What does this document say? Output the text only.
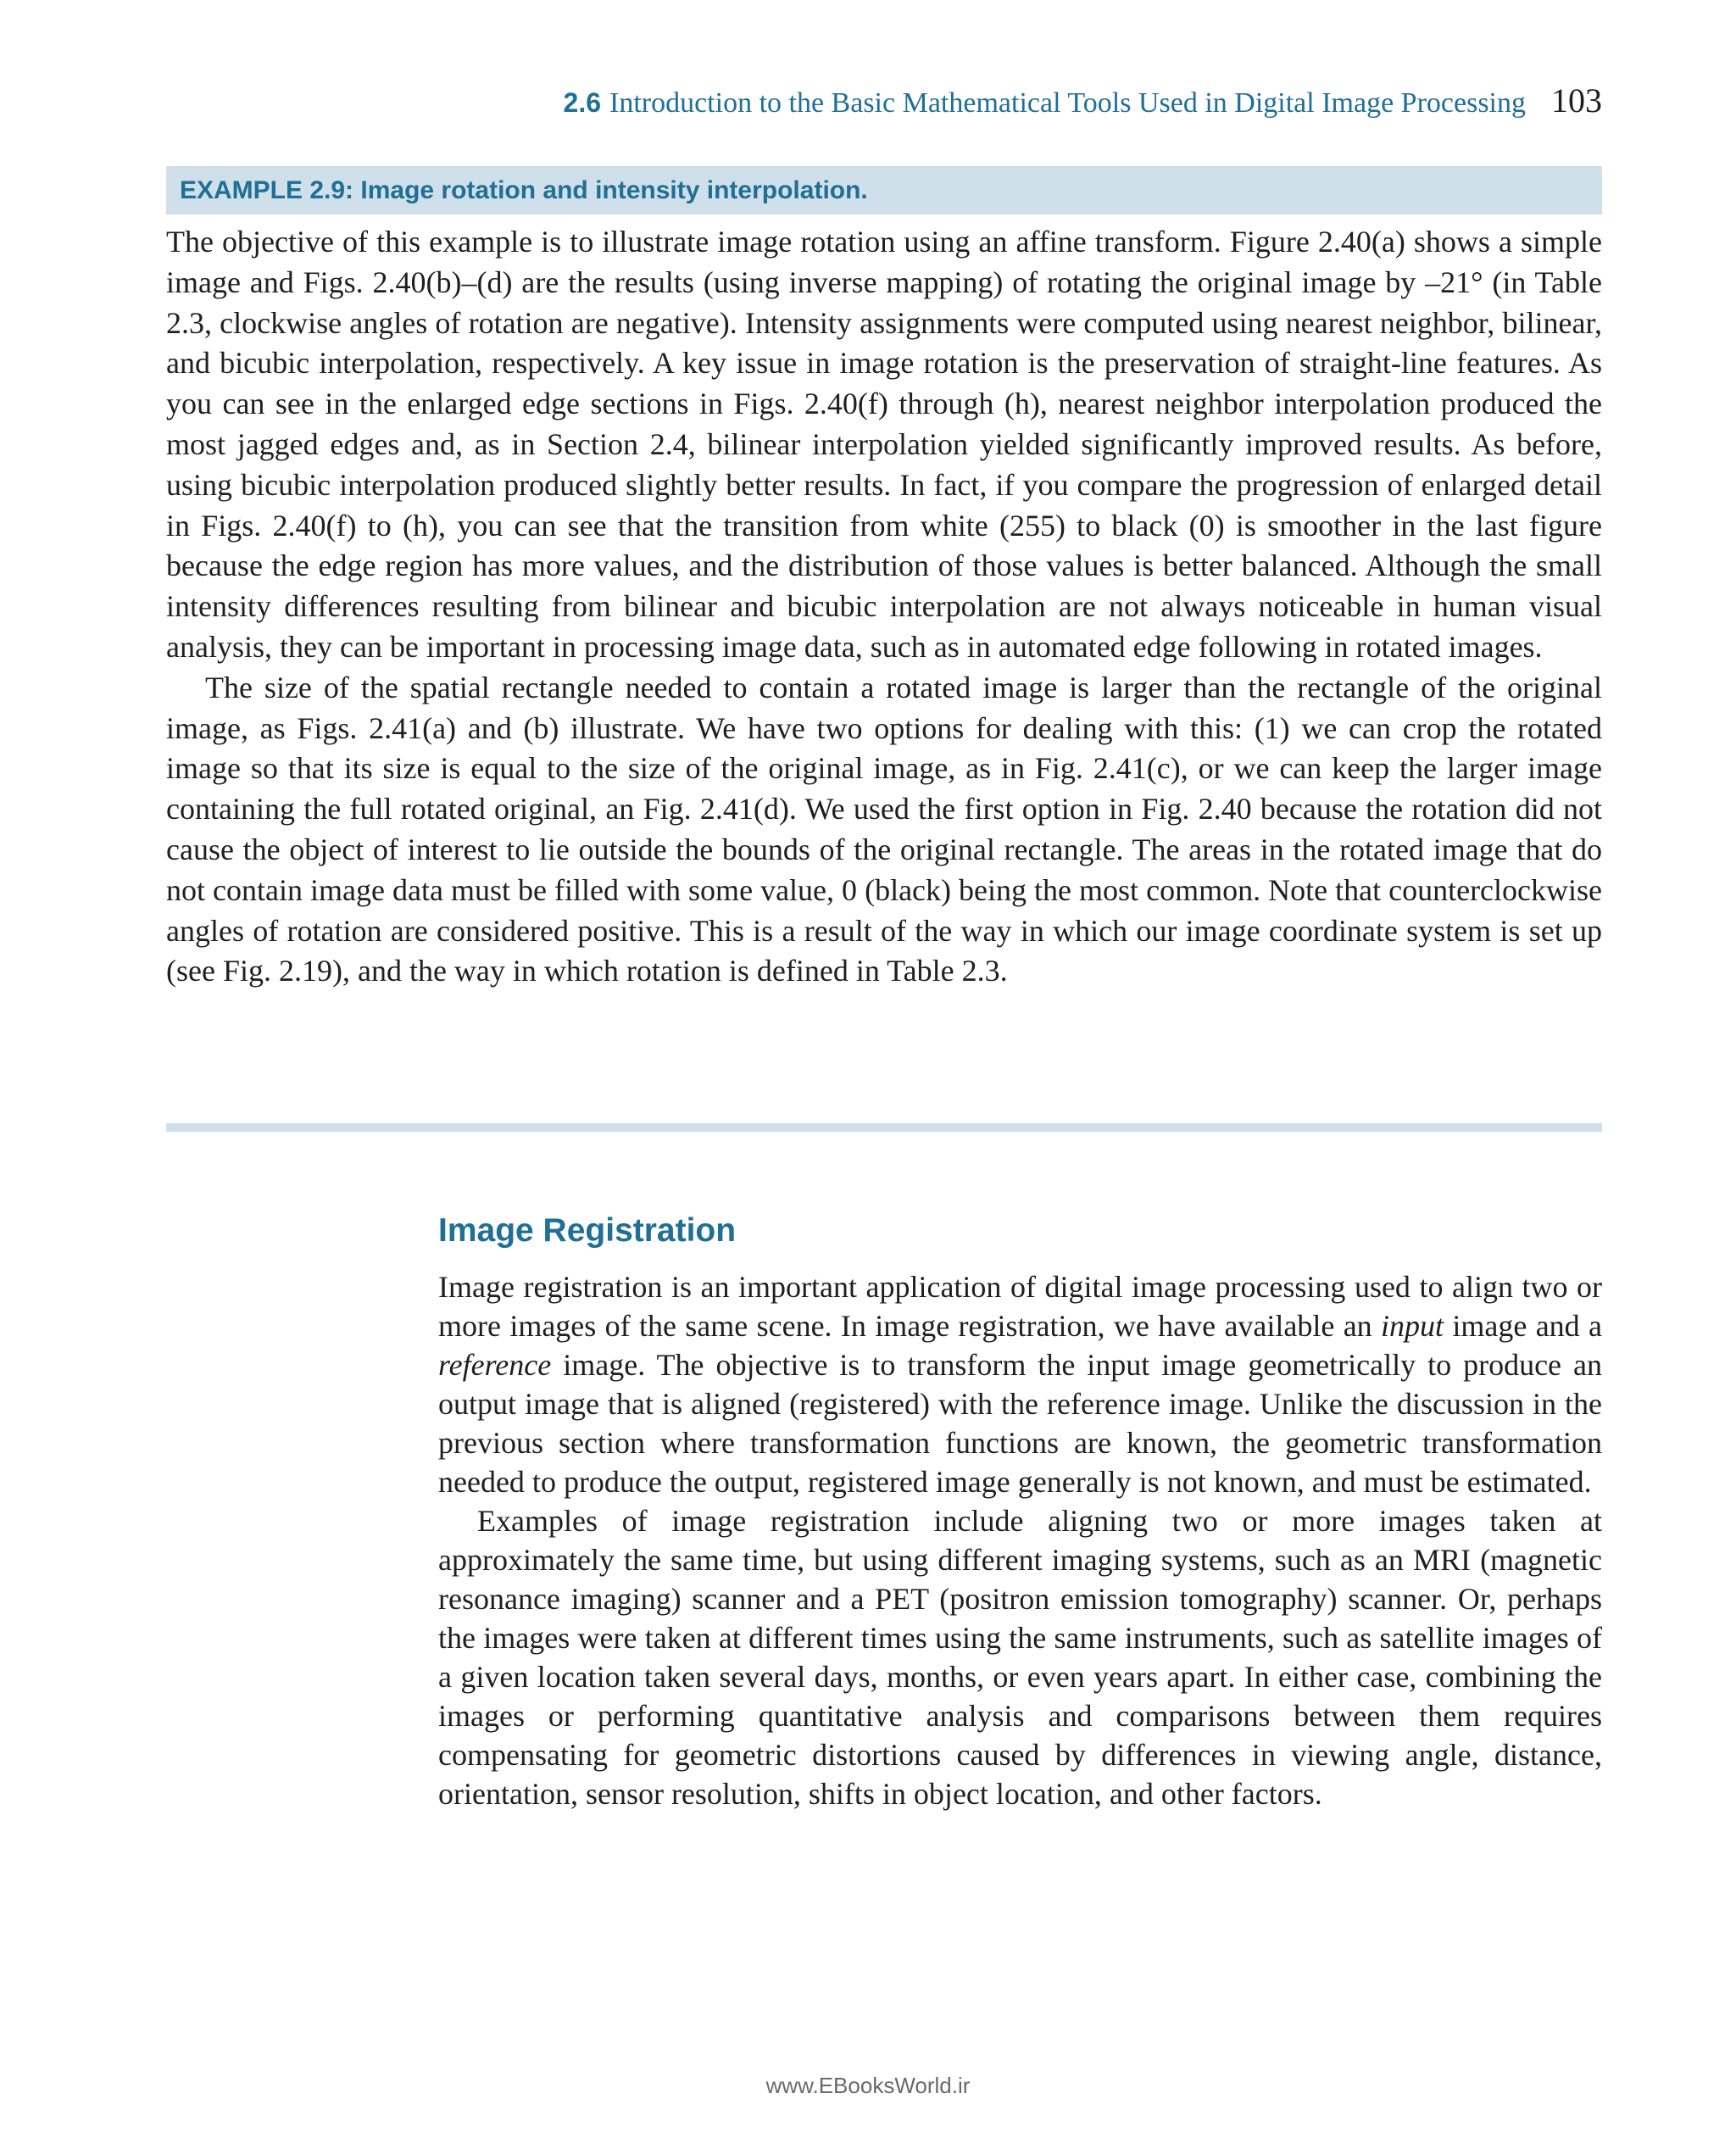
2.6 Introduction to the Basic Mathematical Tools Used in Digital Image Processing 103
EXAMPLE 2.9: Image rotation and intensity interpolation.

The objective of this example is to illustrate image rotation using an affine transform. Figure 2.40(a) shows a simple image and Figs. 2.40(b)–(d) are the results (using inverse mapping) of rotating the original image by –21° (in Table 2.3, clockwise angles of rotation are negative). Intensity assignments were computed using nearest neighbor, bilinear, and bicubic interpolation, respectively. A key issue in image rotation is the preservation of straight-line features. As you can see in the enlarged edge sections in Figs. 2.40(f) through (h), nearest neighbor interpolation produced the most jagged edges and, as in Section 2.4, bilinear interpolation yielded significantly improved results. As before, using bicubic interpolation produced slightly better results. In fact, if you compare the progression of enlarged detail in Figs. 2.40(f) to (h), you can see that the transition from white (255) to black (0) is smoother in the last figure because the edge region has more values, and the distribution of those values is better balanced. Although the small intensity differences resulting from bilinear and bicubic interpolation are not always noticeable in human visual analysis, they can be important in processing image data, such as in automated edge following in rotated images.

The size of the spatial rectangle needed to contain a rotated image is larger than the rectangle of the original image, as Figs. 2.41(a) and (b) illustrate. We have two options for dealing with this: (1) we can crop the rotated image so that its size is equal to the size of the original image, as in Fig. 2.41(c), or we can keep the larger image containing the full rotated original, an Fig. 2.41(d). We used the first option in Fig. 2.40 because the rotation did not cause the object of interest to lie outside the bounds of the original rectangle. The areas in the rotated image that do not contain image data must be filled with some value, 0 (black) being the most common. Note that counterclockwise angles of rotation are considered positive. This is a result of the way in which our image coordinate system is set up (see Fig. 2.19), and the way in which rotation is defined in Table 2.3.

Image Registration

Image registration is an important application of digital image processing used to align two or more images of the same scene. In image registration, we have available an input image and a reference image. The objective is to transform the input image geometrically to produce an output image that is aligned (registered) with the reference image. Unlike the discussion in the previous section where transformation functions are known, the geometric transformation needed to produce the output, registered image generally is not known, and must be estimated.

Examples of image registration include aligning two or more images taken at approximately the same time, but using different imaging systems, such as an MRI (magnetic resonance imaging) scanner and a PET (positron emission tomography) scanner. Or, perhaps the images were taken at different times using the same instruments, such as satellite images of a given location taken several days, months, or even years apart. In either case, combining the images or performing quantitative analysis and comparisons between them requires compensating for geometric distortions caused by differences in viewing angle, distance, orientation, sensor resolution, shifts in object location, and other factors.

www.EBooksWorld.ir
